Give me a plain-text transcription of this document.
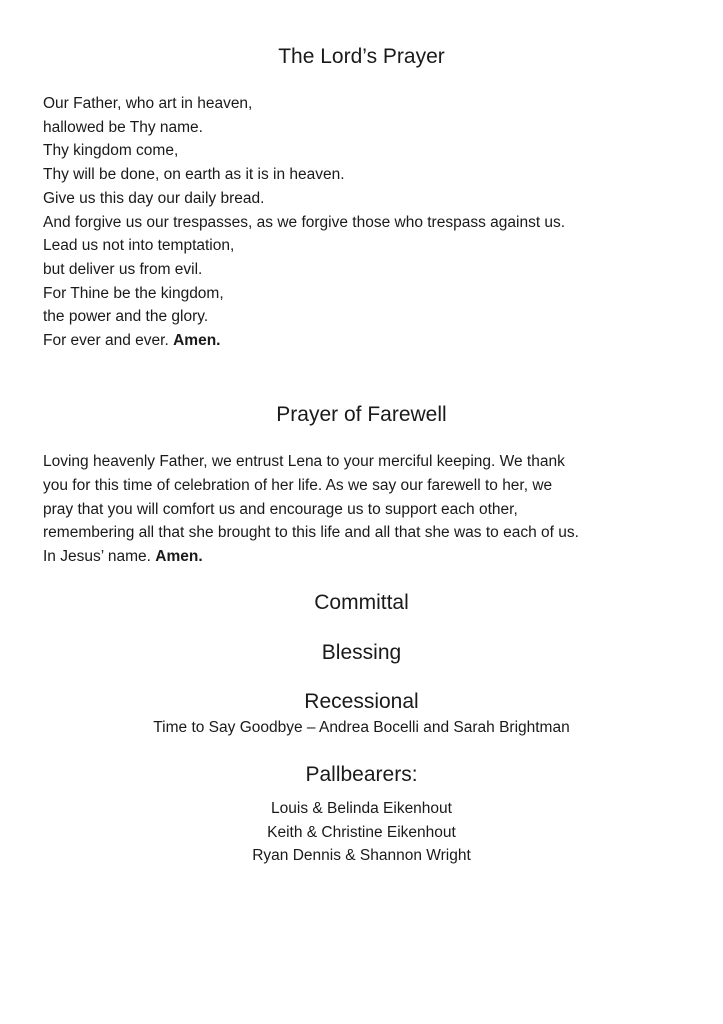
The Lord’s Prayer
Our Father, who art in heaven,
hallowed be Thy name.
Thy kingdom come,
Thy will be done, on earth as it is in heaven.
Give us this day our daily bread.
And forgive us our trespasses, as we forgive those who trespass against us.
Lead us not into temptation,
but deliver us from evil.
For Thine be the kingdom,
the power and the glory.
For ever and ever. Amen.
Prayer of Farewell
Loving heavenly Father, we entrust Lena to your merciful keeping. We thank
you for this time of celebration of her life. As we say our farewell to her, we
pray that you will comfort us and encourage us to support each other,
remembering all that she brought to this life and all that she was to each of us.
In Jesus’ name. Amen.
Committal
Blessing
Recessional
Time to Say Goodbye – Andrea Bocelli and Sarah Brightman
Pallbearers:
Louis & Belinda Eikenhout
Keith & Christine Eikenhout
Ryan Dennis & Shannon Wright
